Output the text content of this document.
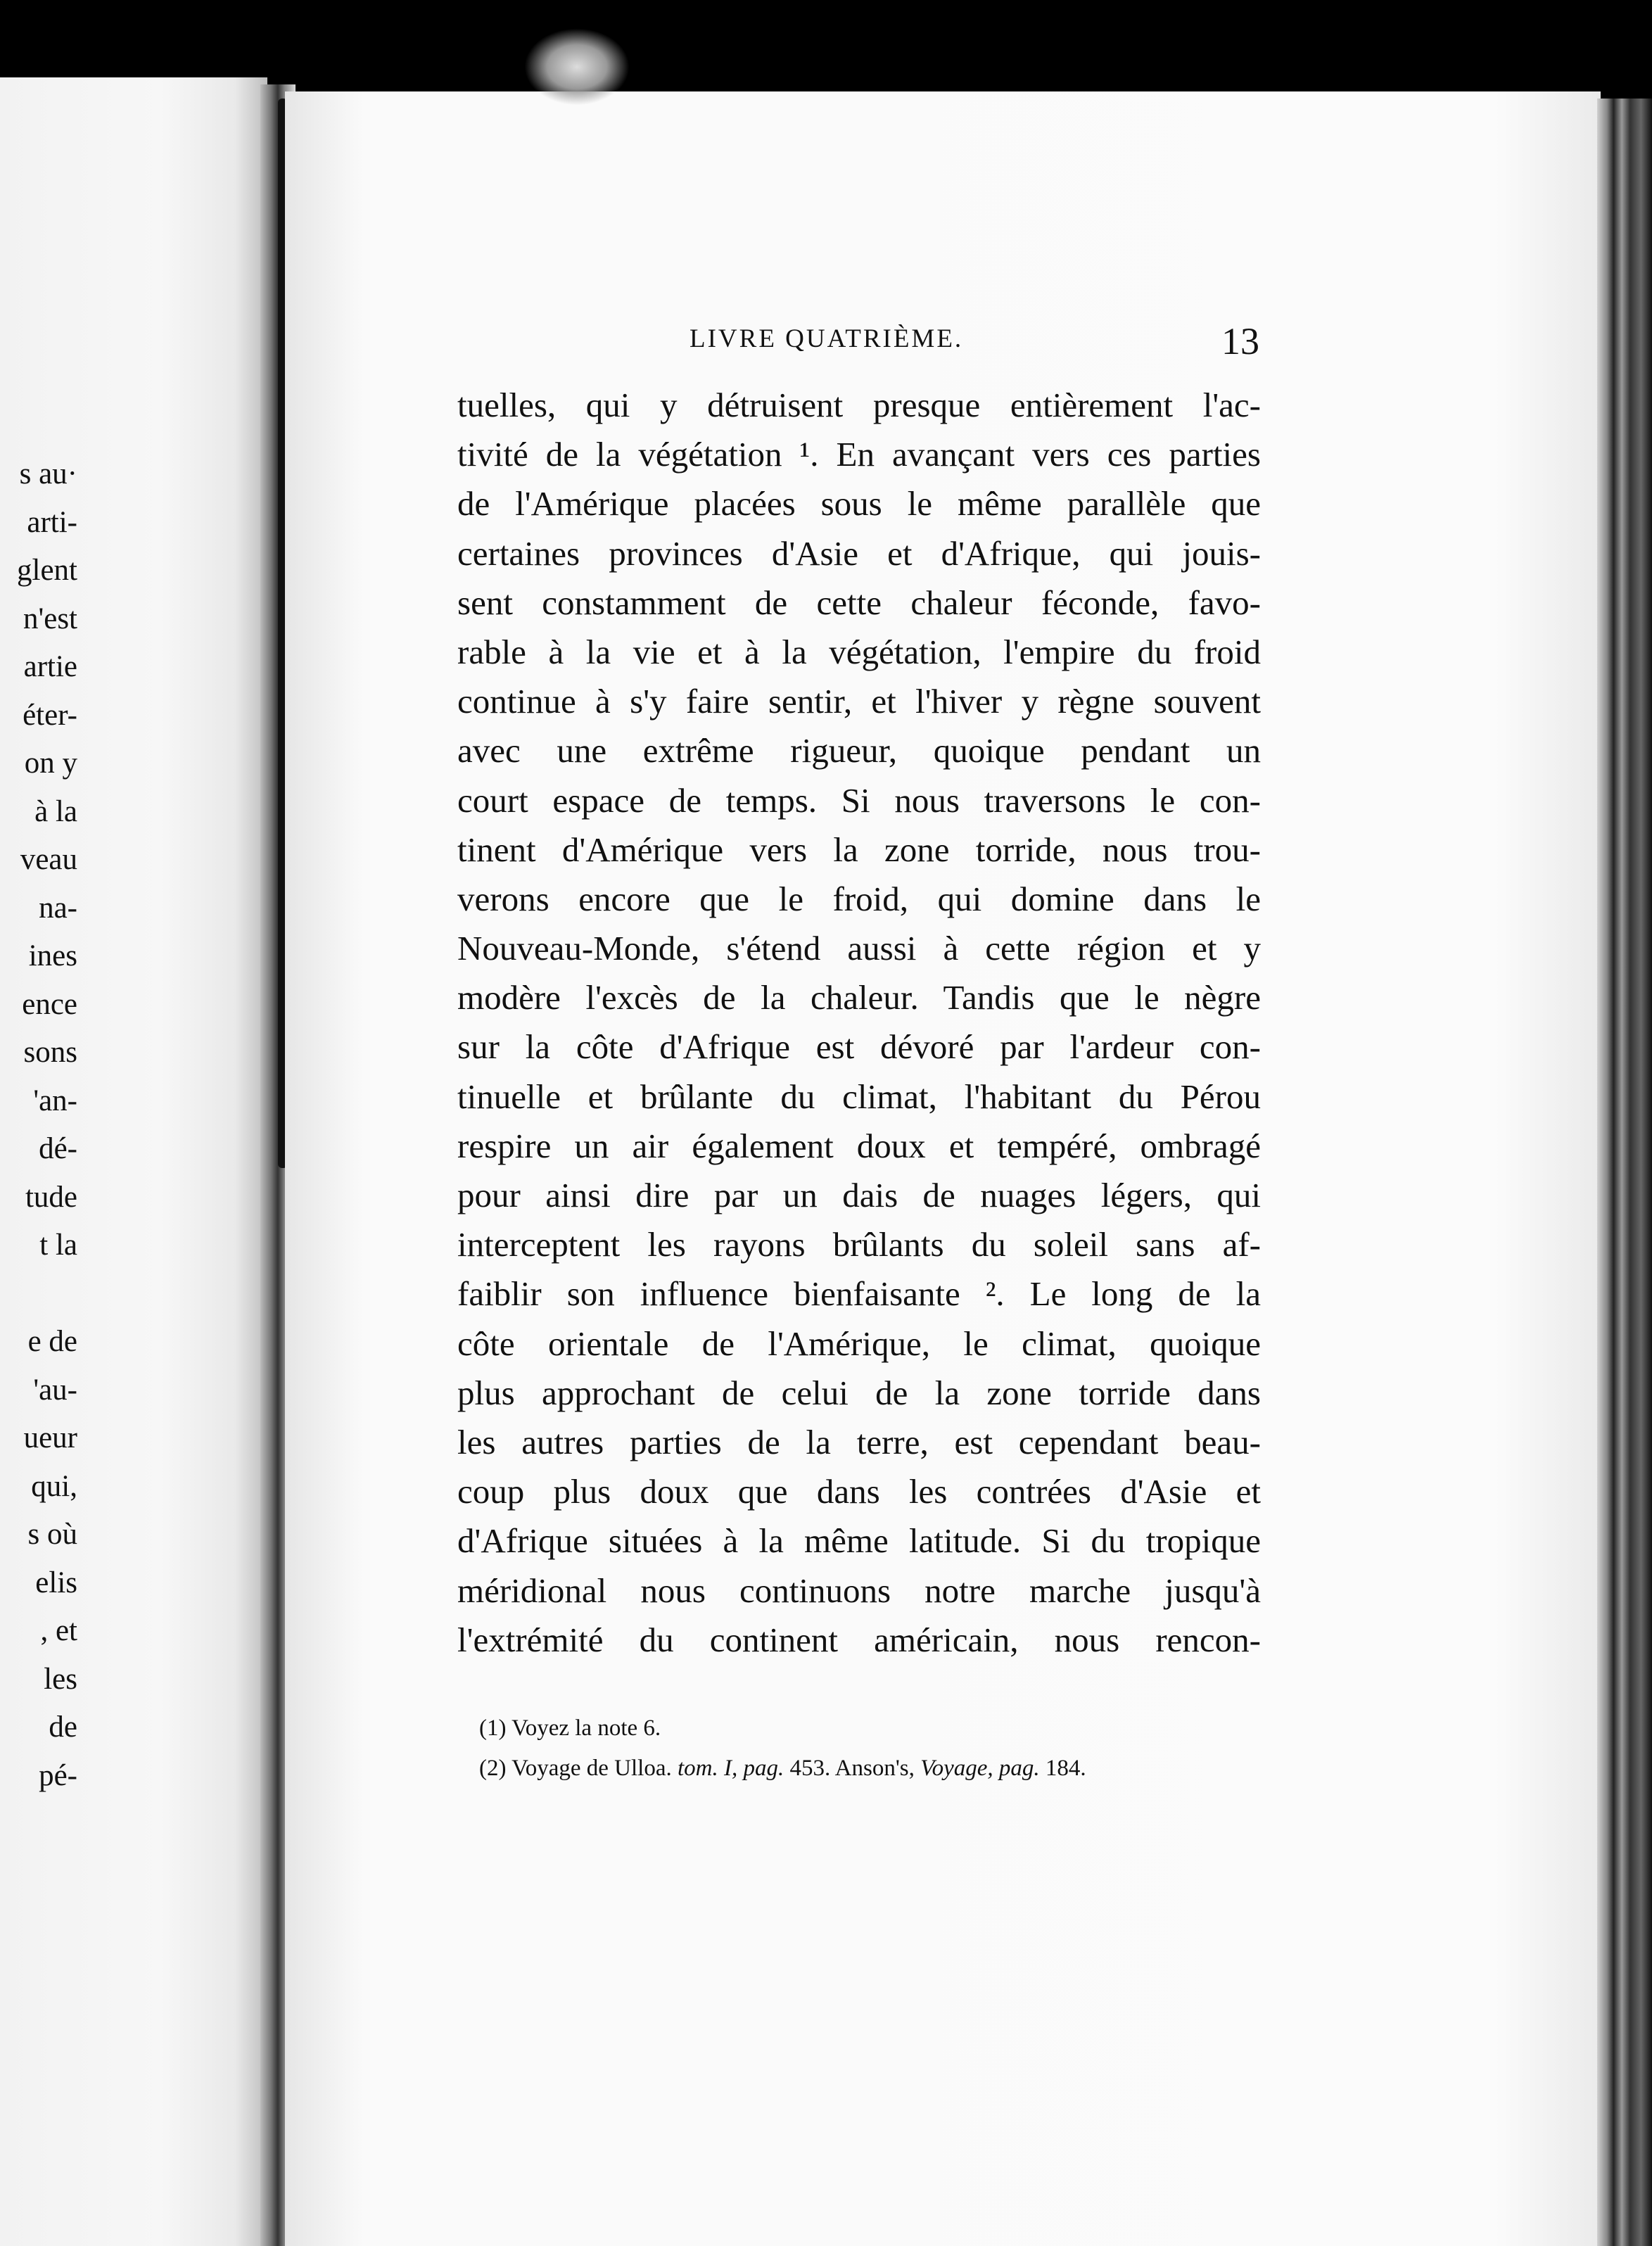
s au·
arti-
glent
n'est
artie
éter-
on y
à la
veau
na-
ines
ence
sons
'an-
dé-
tude
t la
e de
'au-
ueur
qui,
s où
elis
, et
les
de
pé-
LIVRE QUATRIÈME.	13
tuelles, qui y détruisent presque entièrement l'ac-
tivité de la végétation ¹. En avançant vers ces parties
de l'Amérique placées sous le même parallèle que
certaines provinces d'Asie et d'Afrique, qui jouis-
sent constamment de cette chaleur féconde, favo-
rable à la vie et à la végétation, l'empire du froid
continue à s'y faire sentir, et l'hiver y règne souvent
avec une extrême rigueur, quoique pendant un
court espace de temps. Si nous traversons le con-
tinent d'Amérique vers la zone torride, nous trou-
verons encore que le froid, qui domine dans le
Nouveau-Monde, s'étend aussi à cette région et y
modère l'excès de la chaleur. Tandis que le nègre
sur la côte d'Afrique est dévoré par l'ardeur con-
tinuelle et brûlante du climat, l'habitant du Pérou
respire un air également doux et tempéré, ombragé
pour ainsi dire par un dais de nuages légers, qui
interceptent les rayons brûlants du soleil sans af-
faiblir son influence bienfaisante ². Le long de la
côte orientale de l'Amérique, le climat, quoique
plus approchant de celui de la zone torride dans
les autres parties de la terre, est cependant beau-
coup plus doux que dans les contrées d'Asie et
d'Afrique situées à la même latitude. Si du tropique
méridional nous continuons notre marche jusqu'à
l'extrémité du continent américain, nous rencon-
(1) Voyez la note 6.
(2) Voyage de Ulloa. tom. I, pag. 453. Anson's, Voyage, pag. 184.
